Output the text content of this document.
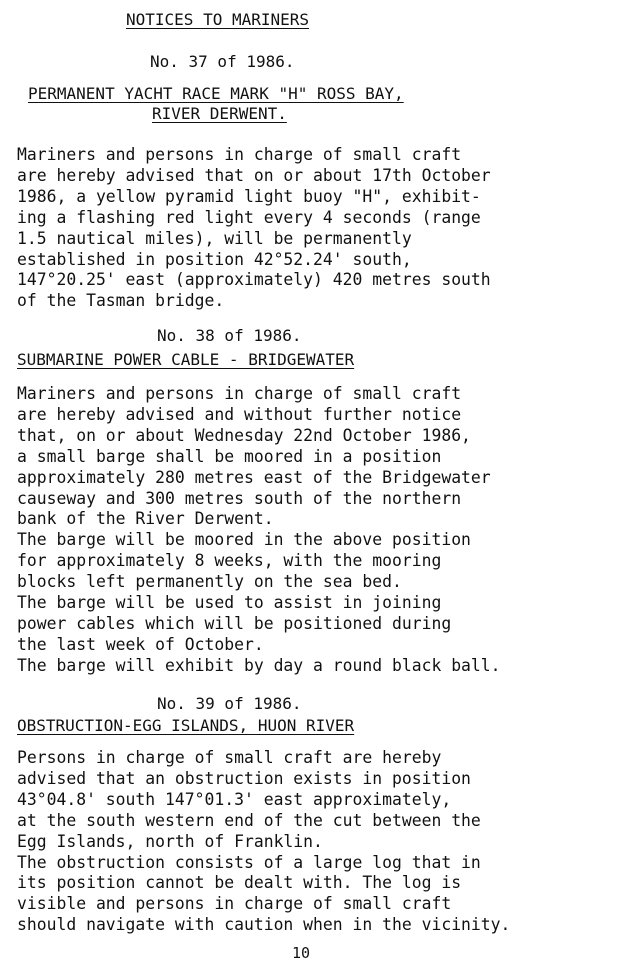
NOTICES TO MARINERS
No. 37 of 1986.
PERMANENT YACHT RACE MARK "H" ROSS BAY,
RIVER DERWENT.
Mariners and persons in charge of small craft
are hereby advised that on or about 17th October
1986, a yellow pyramid light buoy "H", exhibit-
ing a flashing red light every 4 seconds (range
1.5 nautical miles), will be permanently
established in position 42°52.24' south,
147°20.25' east (approximately) 420 metres south
of the Tasman bridge.
No. 38 of 1986.
SUBMARINE POWER CABLE - BRIDGEWATER
Mariners and persons in charge of small craft
are hereby advised and without further notice
that, on or about Wednesday 22nd October 1986,
a small barge shall be moored in a position
approximately 280 metres east of the Bridgewater
causeway and 300 metres south of the northern
bank of the River Derwent.
The barge will be moored in the above position
for approximately 8 weeks, with the mooring
blocks left permanently on the sea bed.
The barge will be used to assist in joining
power cables which will be positioned during
the last week of October.
The barge will exhibit by day a round black ball.
No. 39 of 1986.
OBSTRUCTION-EGG ISLANDS, HUON RIVER
Persons in charge of small craft are hereby
advised that an obstruction exists in position
43°04.8' south 147°01.3' east approximately,
at the south western end of the cut between the
Egg Islands, north of Franklin.
The obstruction consists of a large log that in
its position cannot be dealt with. The log is
visible and persons in charge of small craft
should navigate with caution when in the vicinity.
10
